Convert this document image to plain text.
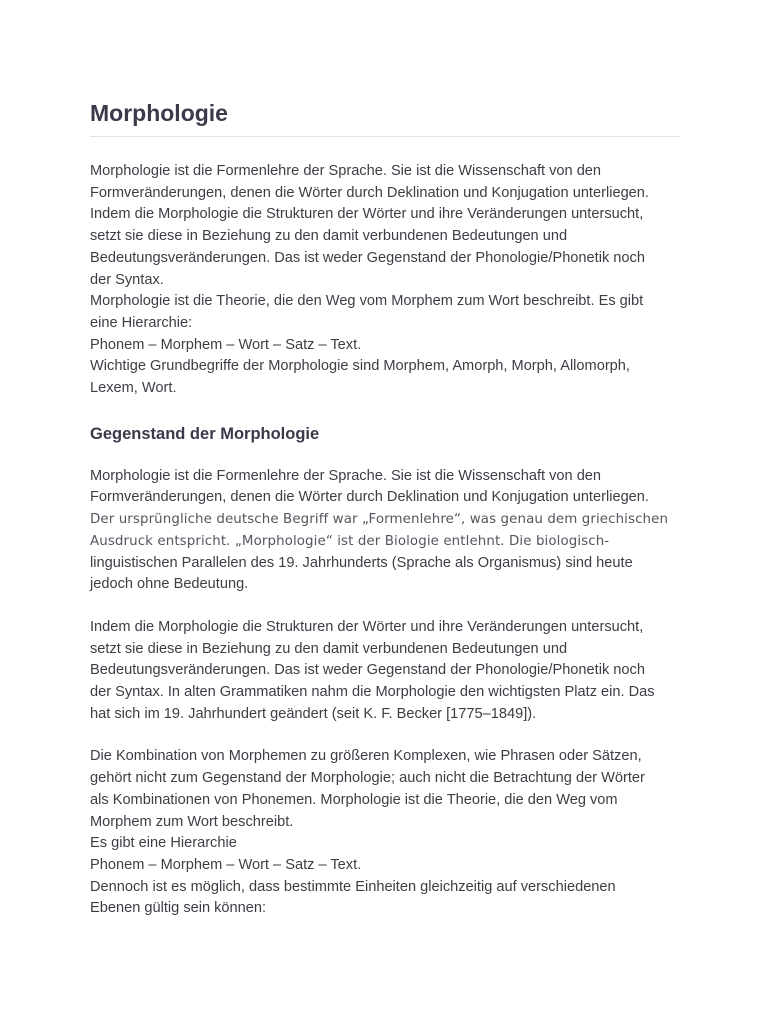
Morphologie
Morphologie ist die Formenlehre der Sprache. Sie ist die Wissenschaft von den
Formveränderungen, denen die Wörter durch Deklination und Konjugation unterliegen.
Indem die Morphologie die Strukturen der Wörter und ihre Veränderungen untersucht,
setzt sie diese in Beziehung zu den damit verbundenen Bedeutungen und
Bedeutungsveränderungen. Das ist weder Gegenstand der Phonologie/Phonetik noch
der Syntax.
Morphologie ist die Theorie, die den Weg vom Morphem zum Wort beschreibt. Es gibt
eine Hierarchie:
Phonem – Morphem – Wort – Satz – Text.
Wichtige Grundbegriffe der Morphologie sind Morphem, Amorph, Morph, Allomorph,
Lexem, Wort.
Gegenstand der Morphologie
Morphologie ist die Formenlehre der Sprache. Sie ist die Wissenschaft von den
Formveränderungen, denen die Wörter durch Deklination und Konjugation unterliegen.
Der ursprüngliche deutsche Begriff war „Formenlehre“, was genau dem griechischen
Ausdruck entspricht. „Morphologie“ ist der Biologie entlehnt. Die biologisch-
linguistischen Parallelen des 19. Jahrhunderts (Sprache als Organismus) sind heute
jedoch ohne Bedeutung.
Indem die Morphologie die Strukturen der Wörter und ihre Veränderungen untersucht,
setzt sie diese in Beziehung zu den damit verbundenen Bedeutungen und
Bedeutungsveränderungen. Das ist weder Gegenstand der Phonologie/Phonetik noch
der Syntax. In alten Grammatiken nahm die Morphologie den wichtigsten Platz ein. Das
hat sich im 19. Jahrhundert geändert (seit K. F. Becker [1775–1849]).
Die Kombination von Morphemen zu größeren Komplexen, wie Phrasen oder Sätzen,
gehört nicht zum Gegenstand der Morphologie; auch nicht die Betrachtung der Wörter
als Kombinationen von Phonemen. Morphologie ist die Theorie, die den Weg vom
Morphem zum Wort beschreibt.
Es gibt eine Hierarchie
Phonem – Morphem – Wort – Satz – Text.
Dennoch ist es möglich, dass bestimmte Einheiten gleichzeitig auf verschiedenen
Ebenen gültig sein können:
